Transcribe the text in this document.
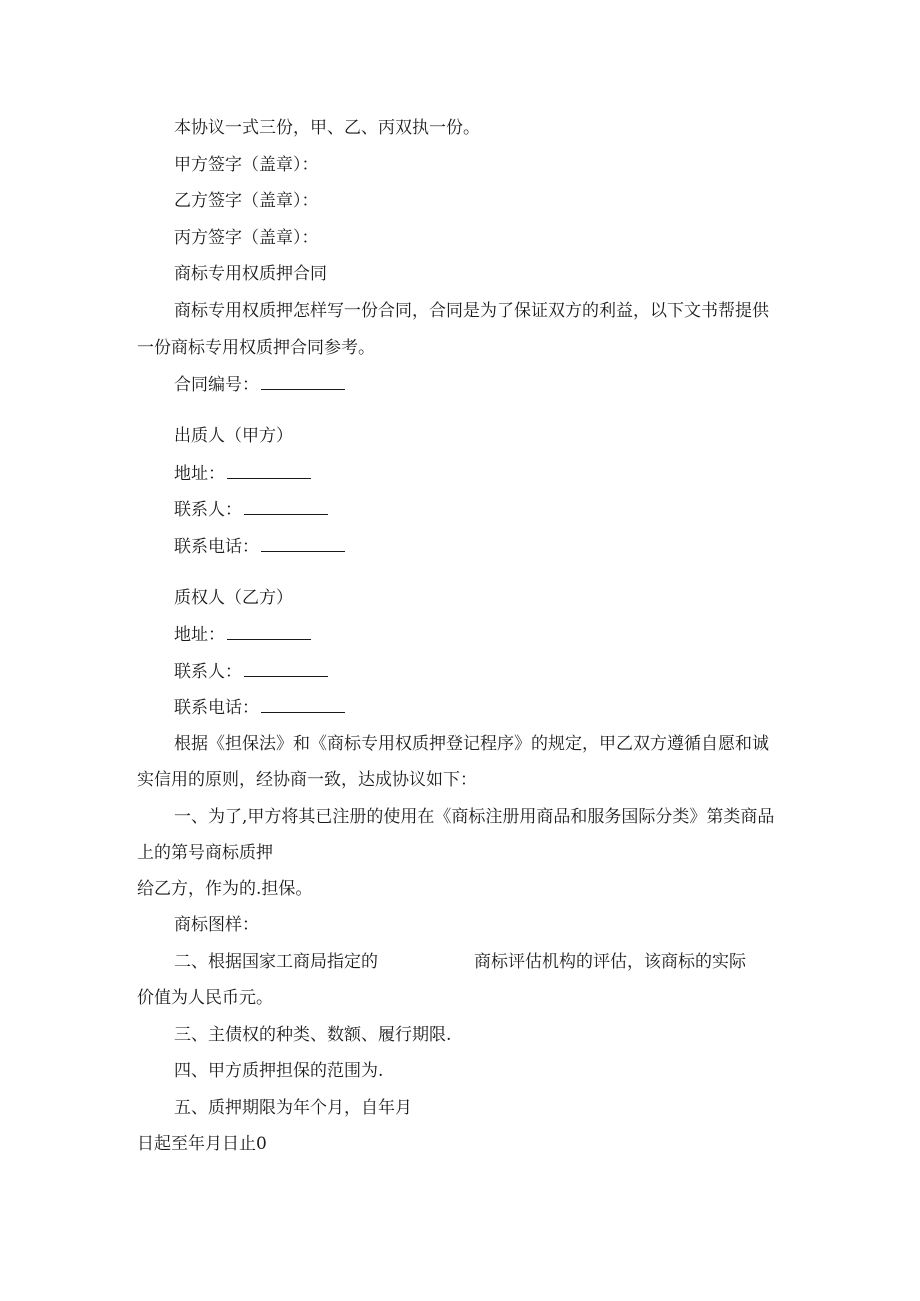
本协议一式三份，甲、乙、丙双执一份。

甲方签字（盖章）：

乙方签字（盖章）：

丙方签字（盖章）：

商标专用权质押合同

商标专用权质押怎样写一份合同，合同是为了保证双方的利益，以下文书帮提供

一份商标专用权质押合同参考。

合同编号：

出质人（甲方）

地址：

联系人：

联系电话：

质权人（乙方）

地址：

联系人：

联系电话：

根据《担保法》和《商标专用权质押登记程序》的规定，甲乙双方遵循自愿和诚

实信用的原则，经协商一致，达成协议如下：

一、为了,甲方将其已注册的使用在《商标注册用商品和服务国际分类》第类商品

上的第号商标质押

给乙方，作为的.担保。

商标图样：

二、根据国家工商局指定的	商标评估机构的评估，该商标的实际

价值为人民币元。

三、主债权的种类、数额、履行期限.

四、甲方质押担保的范围为.

五、质押期限为年个月，自年月

日起至年月日止0
